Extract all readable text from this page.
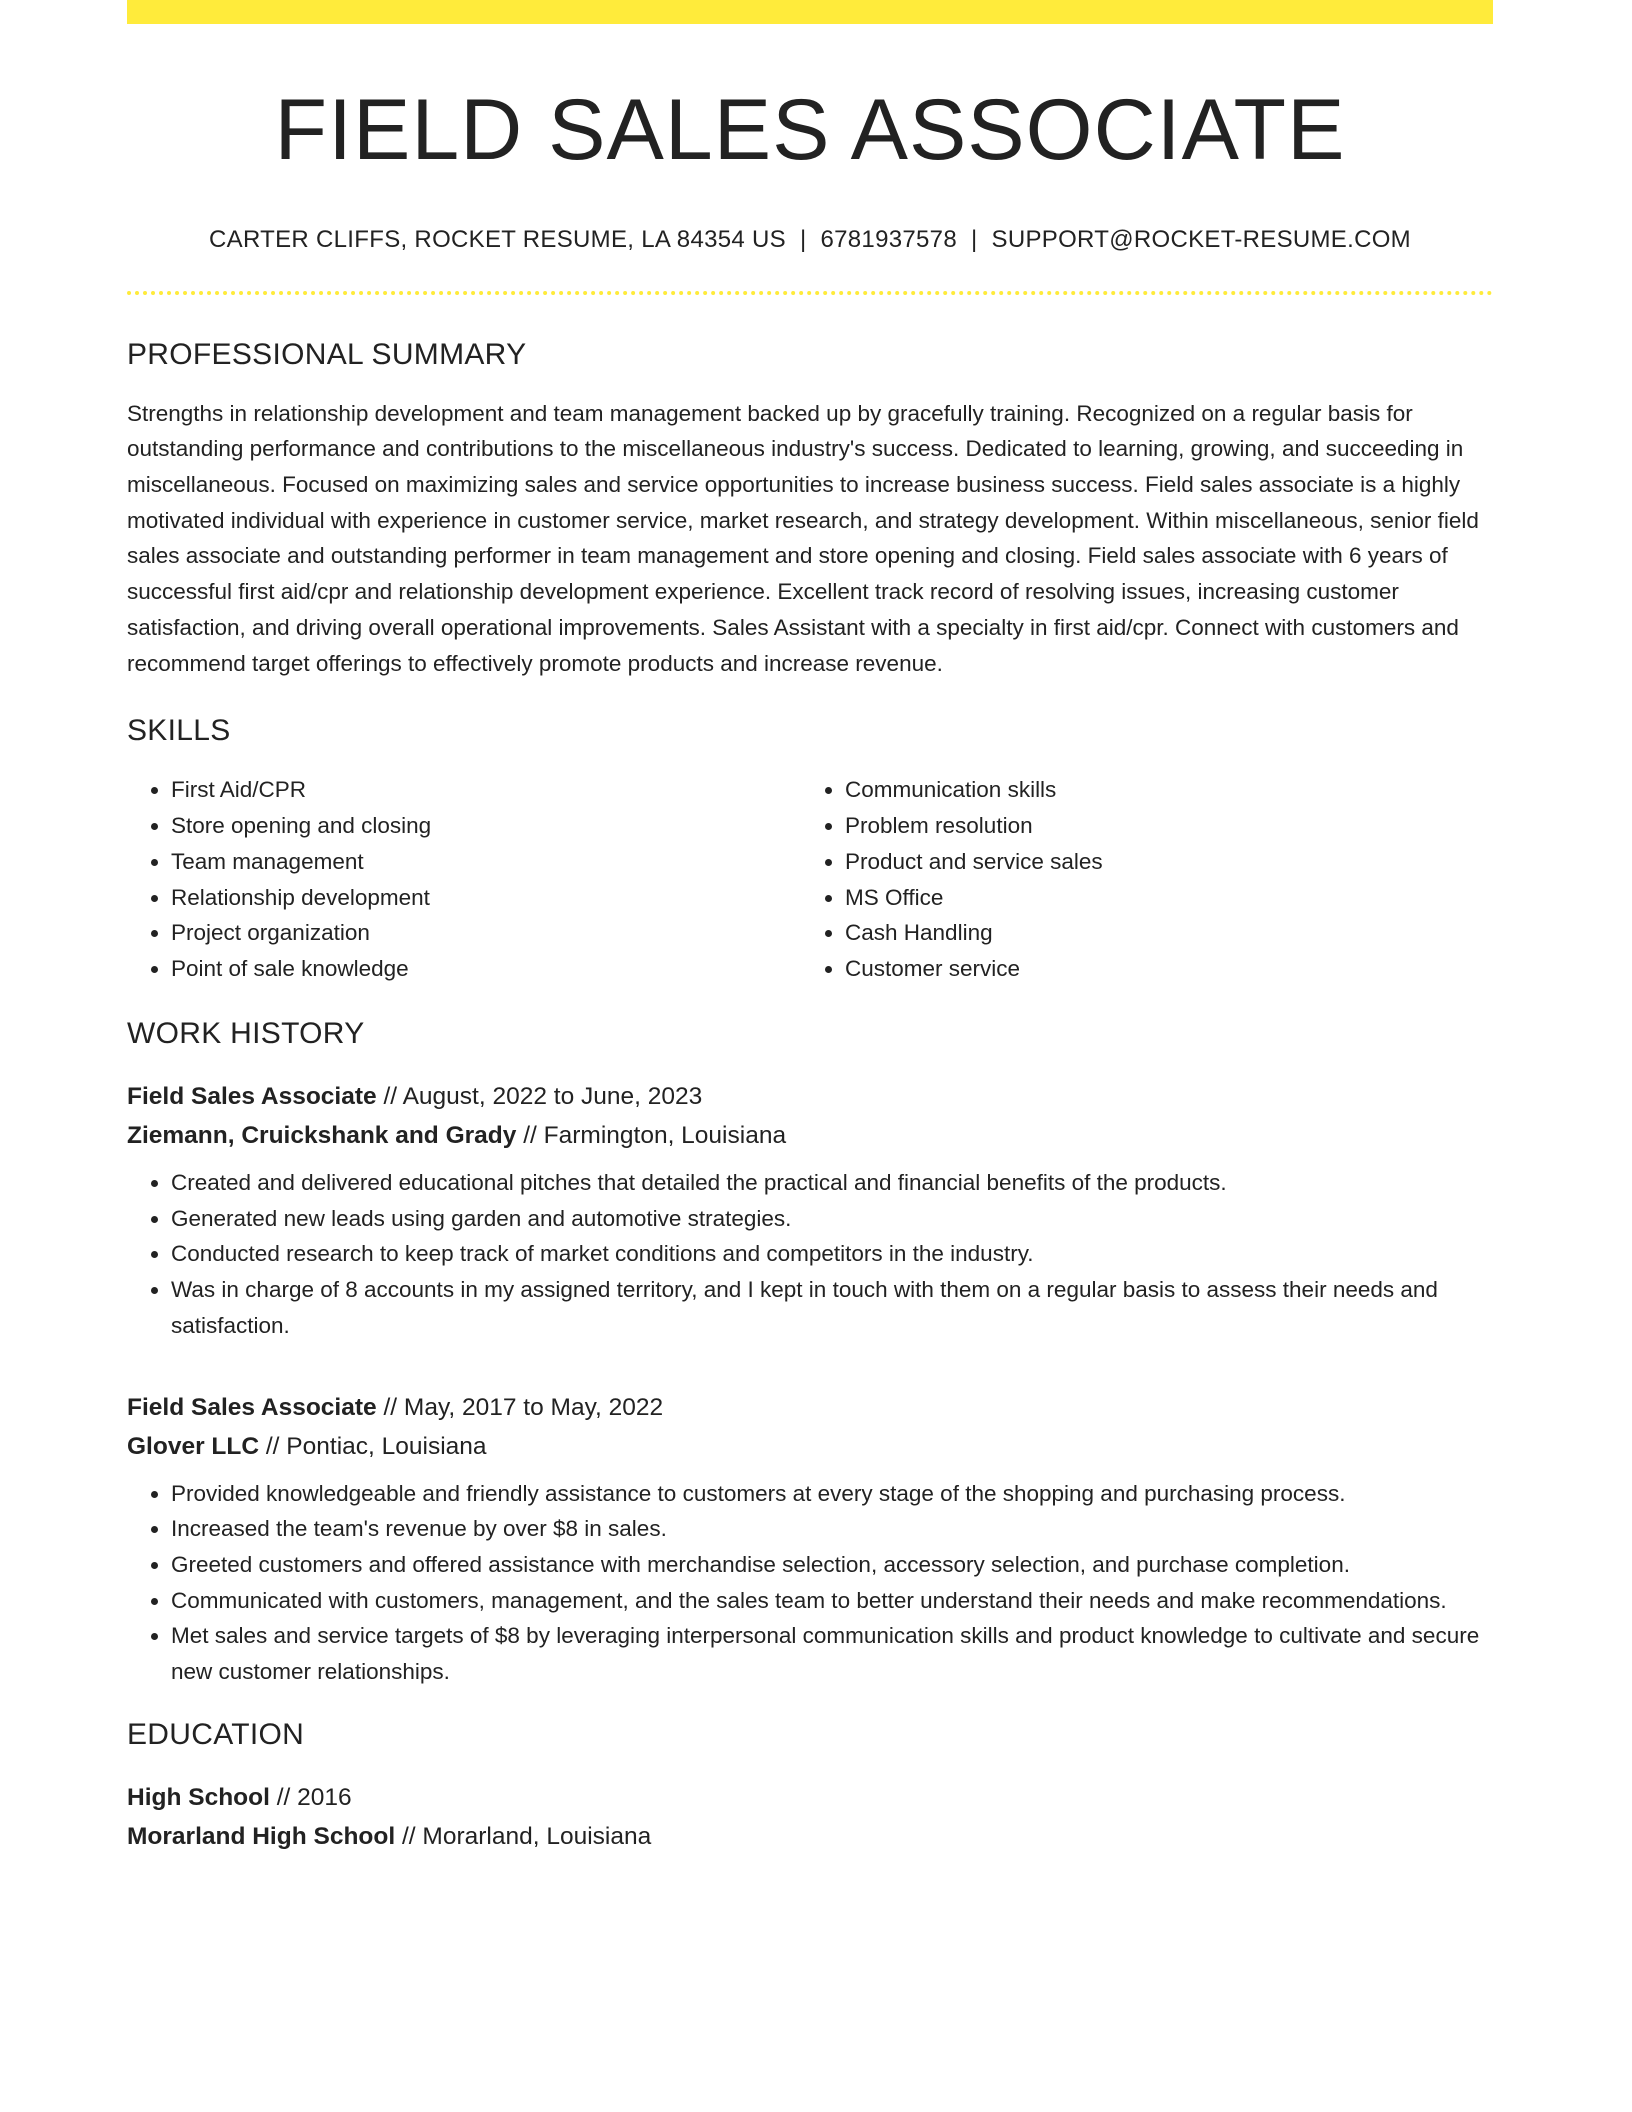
FIELD SALES ASSOCIATE
CARTER CLIFFS, ROCKET RESUME, LA 84354 US | 6781937578 | SUPPORT@ROCKET-RESUME.COM
PROFESSIONAL SUMMARY
Strengths in relationship development and team management backed up by gracefully training. Recognized on a regular basis for outstanding performance and contributions to the miscellaneous industry's success. Dedicated to learning, growing, and succeeding in miscellaneous. Focused on maximizing sales and service opportunities to increase business success. Field sales associate is a highly motivated individual with experience in customer service, market research, and strategy development. Within miscellaneous, senior field sales associate and outstanding performer in team management and store opening and closing. Field sales associate with 6 years of successful first aid/cpr and relationship development experience. Excellent track record of resolving issues, increasing customer satisfaction, and driving overall operational improvements. Sales Assistant with a specialty in first aid/cpr. Connect with customers and recommend target offerings to effectively promote products and increase revenue.
SKILLS
• First Aid/CPR
• Store opening and closing
• Team management
• Relationship development
• Project organization
• Point of sale knowledge
• Communication skills
• Problem resolution
• Product and service sales
• MS Office
• Cash Handling
• Customer service
WORK HISTORY
Field Sales Associate // August, 2022 to June, 2023
Ziemann, Cruickshank and Grady // Farmington, Louisiana
• Created and delivered educational pitches that detailed the practical and financial benefits of the products.
• Generated new leads using garden and automotive strategies.
• Conducted research to keep track of market conditions and competitors in the industry.
• Was in charge of 8 accounts in my assigned territory, and I kept in touch with them on a regular basis to assess their needs and satisfaction.
Field Sales Associate // May, 2017 to May, 2022
Glover LLC // Pontiac, Louisiana
• Provided knowledgeable and friendly assistance to customers at every stage of the shopping and purchasing process.
• Increased the team's revenue by over $8 in sales.
• Greeted customers and offered assistance with merchandise selection, accessory selection, and purchase completion.
• Communicated with customers, management, and the sales team to better understand their needs and make recommendations.
• Met sales and service targets of $8 by leveraging interpersonal communication skills and product knowledge to cultivate and secure new customer relationships.
EDUCATION
High School // 2016
Morarland High School // Morarland, Louisiana
